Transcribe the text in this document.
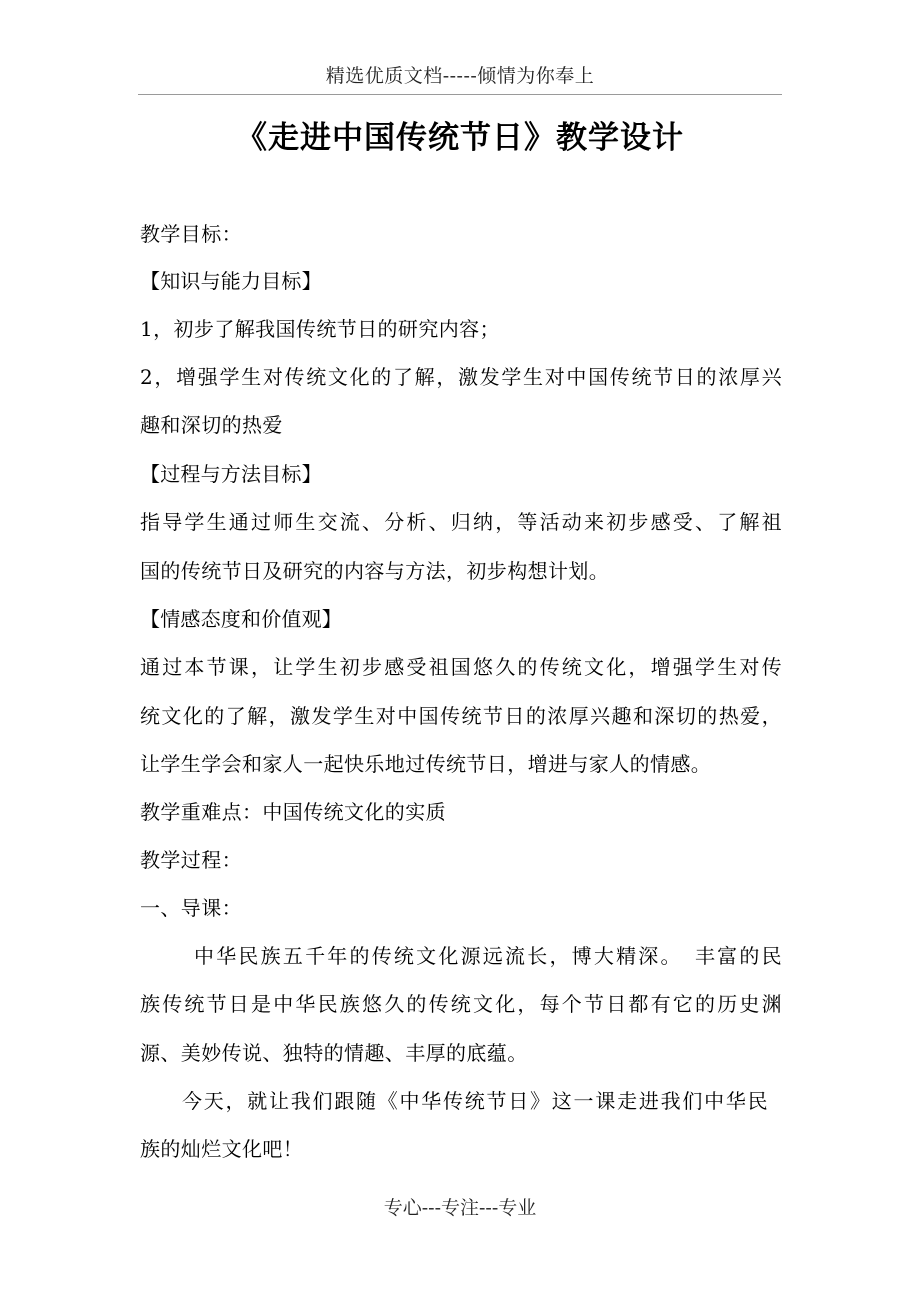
精选优质文档-----倾情为你奉上
《走进中国传统节日》教学设计
教学目标：
【知识与能力目标】
1，初步了解我国传统节日的研究内容；
2，增强学生对传统文化的了解，激发学生对中国传统节日的浓厚兴
趣和深切的热爱
【过程与方法目标】
指导学生通过师生交流、分析、归纳，等活动来初步感受、了解祖
国的传统节日及研究的内容与方法，初步构想计划。
【情感态度和价值观】
通过本节课，让学生初步感受祖国悠久的传统文化，增强学生对传
统文化的了解，激发学生对中国传统节日的浓厚兴趣和深切的热爱，
让学生学会和家人一起快乐地过传统节日，增进与家人的情感。
教学重难点：中国传统文化的实质
教学过程：
一、导课：
中华民族五千年的传统文化源远流长，博大精深。　丰富的民
族传统节日是中华民族悠久的传统文化，每个节日都有它的历史渊
源、美妙传说、独特的情趣、丰厚的底蕴。
今天，就让我们跟随《中华传统节日》这一课走进我们中华民
族的灿烂文化吧！
专心---专注---专业
